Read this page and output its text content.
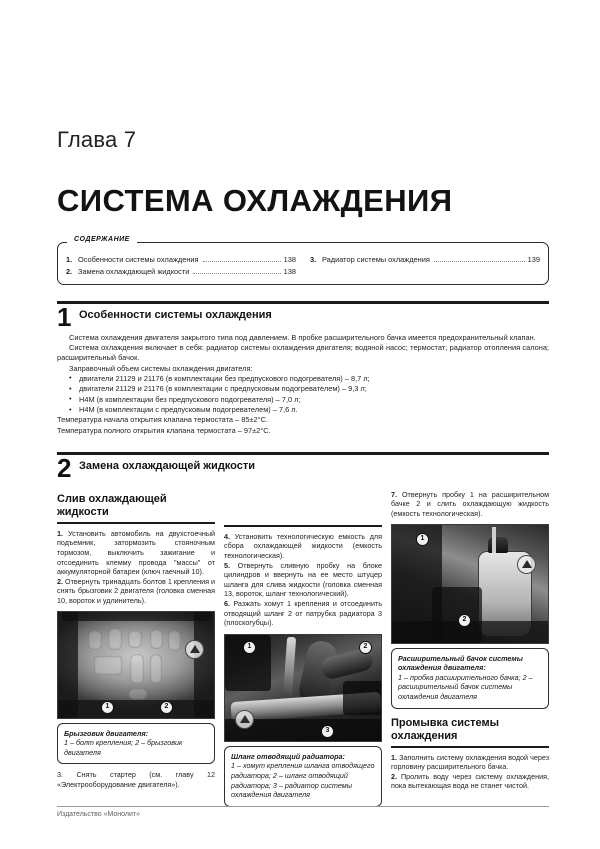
Глава 7
СИСТЕМА ОХЛАЖДЕНИЯ
СОДЕРЖАНИЕ
1. Особенности системы охлаждения	138
2. Замена охлаждающей жидкости	138
3. Радиатор системы охлаждения	139
1 Особенности системы охлаждения

Система охлаждения двигателя закрытого типа под давлением. В пробке расширительного бачка имеется предохранительный клапан.

Система охлаждения включает в себя: радиатор системы охлаждения двигателя; водяной насос; термостат; радиатор отопления салона; расширительный бачок.

Заправочный объем системы охлаждения двигателя:

• двигатели 21129 и 21176 (в комплектации без предпускового подогревателя) – 8,7 л;
• двигатели 21129 и 21176 (в комплектации с предпусковым подогревателем) – 9,3 л;
• H4M (в комплектации без предпускового подогревателя) – 7,0 л;
• H4M (в комплектации с предпусковым подогревателем) – 7,6 л.

Температура начала открытия клапана термостата – 85±2°C.

Температура полного открытия клапана термостата – 97±2°C.

2 Замена охлаждающей жидкости
Слив охлаждающей жидкости
1. Установить автомобиль на двухстоечный подъемник, затормозить стояночным тормозом, выключить зажигание и отсоединить клемму провода "массы" от аккумуляторной батареи (ключ гаечный 10).
2. Отвернуть тринадцать болтов 1 крепления и снять брызговик 2 двигателя (головка сменная 10, вороток и удлинитель).
1	2
Брызговик двигателя:
1 – болт крепления; 2 – брызговик двигателя
3. Снять стартер (см. главу 12 «Электрооборудование двигателя»).

4. Установить технологическую емкость для сбора охлаждающей жидкости (емкость технологическая).
5. Отвернуть сливную пробку на блоке цилиндров и ввернуть на ее место штуцер шланга для слива жидкости (головка сменная 13, вороток, шланг технологический).
6. Разжать хомут 1 крепления и отсоединить отводящий шланг 2 от патрубка радиатора 3 (плоскогубцы).
1	2
3
Шланг отводящий радиатора:
1 – хомут крепления шланга отводящего радиатора; 2 – шланг отводящий радиатора; 3 – радиатор системы охлаждения двигателя

7. Отвернуть пробку 1 на расширительном бачке 2 и слить охлаждающую жидкость (емкость технологическая).
1
2
Расширительный бачок системы охлаждения двигателя:
1 – пробка расширительного бачка; 2 – расширительный бачок системы охлаждения двигателя
Промывка системы охлаждения
1. Заполнить систему охлаждения водой через горловину расширительного бачка.
2. Пролить воду через систему охлаждения, пока вытекающая вода не станет чистой.
Издательство «Монолит»
